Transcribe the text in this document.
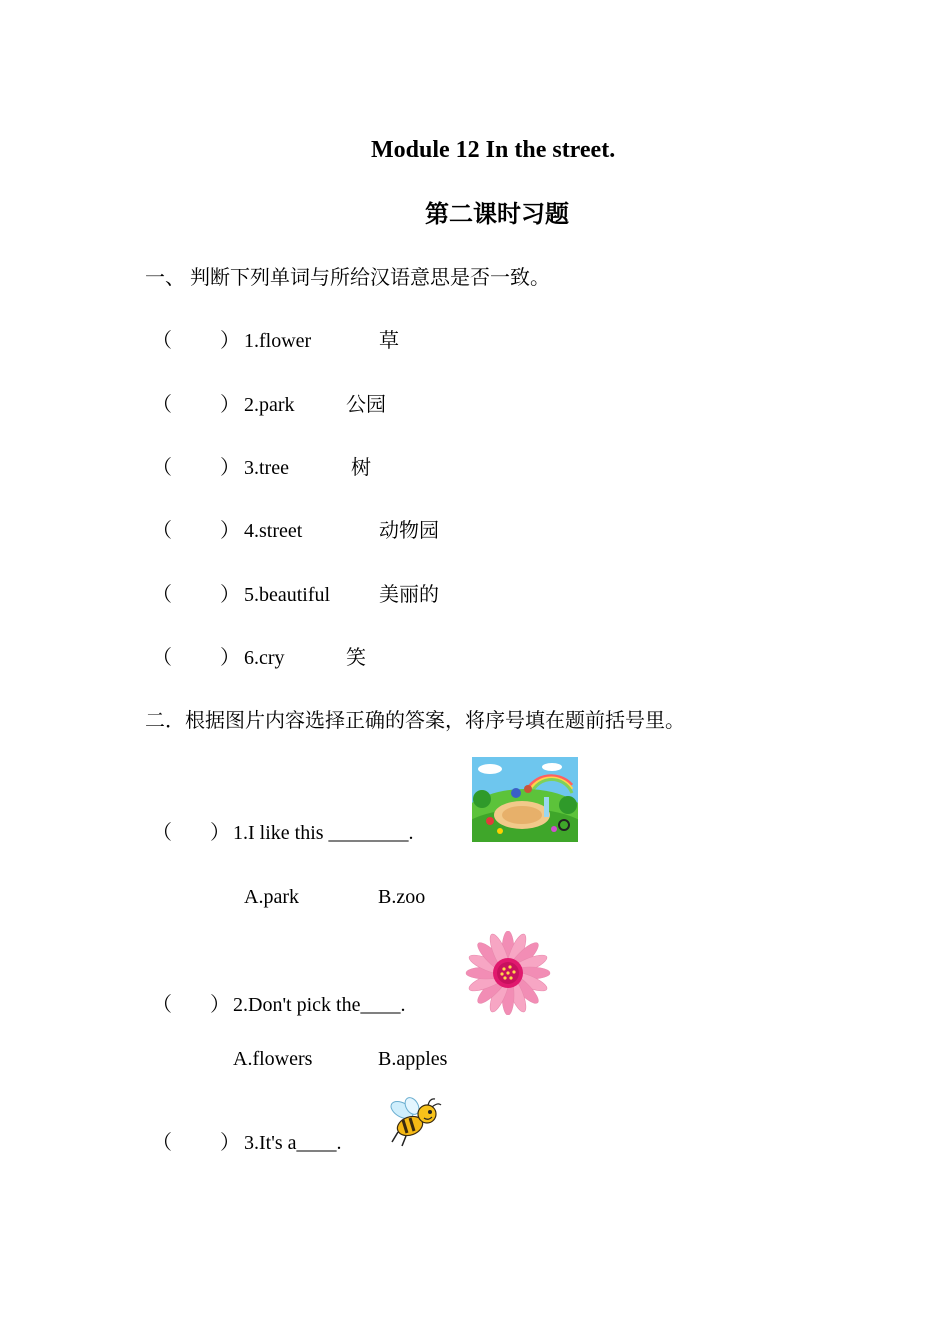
Module 12 In the street.
第二课时习题
一、 判断下列单词与所给汉语意思是否一致。
（ ） 1.flower	草
（ ） 2.park	公园
（ ） 3.tree	树
（ ） 4.street	动物园
（ ） 5.beautiful 美丽的
（ ） 6.cry	笑
二．根据图片内容选择正确的答案，将序号填在题前括号里。
（ ） 1.I like this ________.
A.park	B.zoo
（ ） 2.Don't pick the____.
A.flowers	B.apples
（ ） 3.It's a____.
